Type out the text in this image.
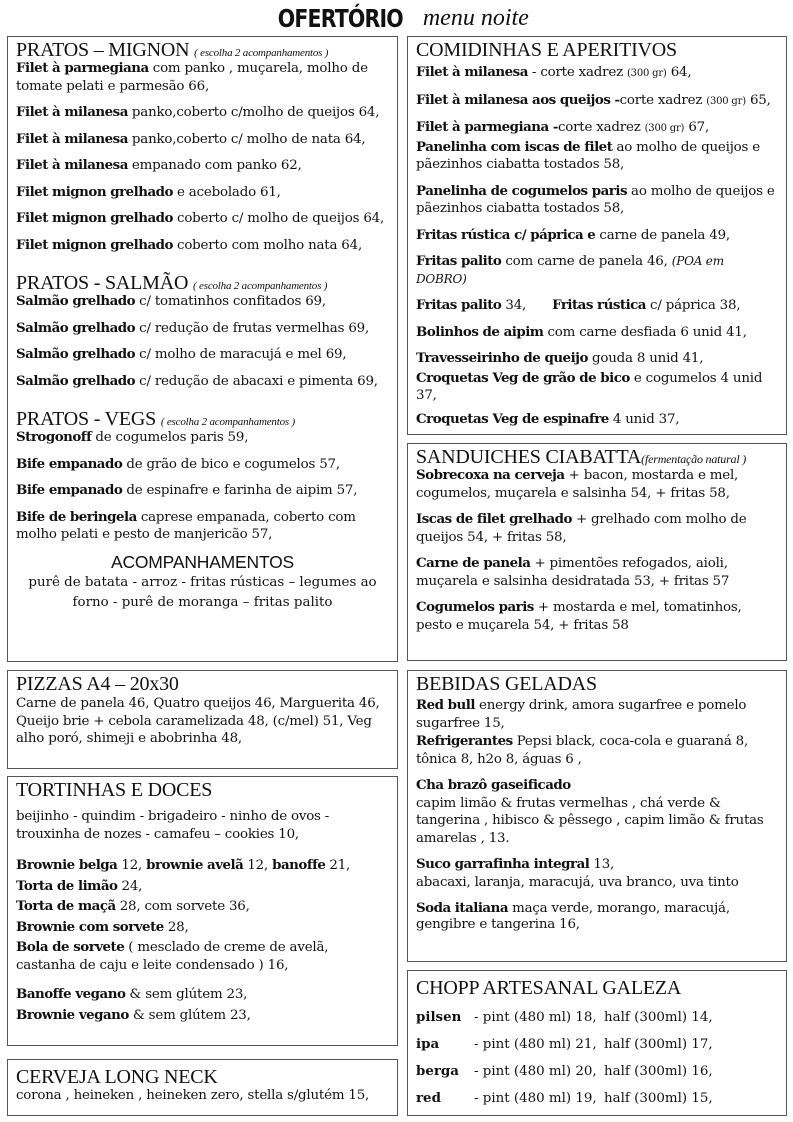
OFERTÓRIO menu noite
PRATOS – MIGNON ( escolha 2 acompanhamentos )
Filet à parmegiana com panko , muçarela, molho de tomate pelati e parmesão 66,
Filet à milanesa panko,coberto c/molho de queijos 64,
Filet à milanesa panko,coberto c/ molho de nata 64,
Filet à milanesa empanado com panko 62,
Filet mignon grelhado e acebolado 61,
Filet mignon grelhado coberto c/ molho de queijos 64,
Filet mignon grelhado coberto com molho nata 64,
PRATOS - SALMÃO ( escolha 2 acompanhamentos )
Salmão grelhado c/ tomatinhos confitados 69,
Salmão grelhado c/ redução de frutas vermelhas 69,
Salmão grelhado c/ molho de maracujá e mel 69,
Salmão grelhado c/ redução de abacaxi e pimenta 69,
PRATOS - VEGS ( escolha 2 acompanhamentos )
Strogonoff de cogumelos paris 59,
Bife empanado de grão de bico e cogumelos 57,
Bife empanado de espinafre e farinha de aipim 57,
Bife de beringela caprese empanada, coberto com molho pelati e pesto de manjericão 57,
ACOMPANHAMENTOS
purê de batata - arroz - fritas rústicas – legumes ao forno - purê de moranga – fritas palito
COMIDINHAS E APERITIVOS
Filet à milanesa - corte xadrez (300 gr) 64,
Filet à milanesa aos queijos -corte xadrez (300 gr) 65,
Filet à parmegiana -corte xadrez (300 gr) 67,
Panelinha com iscas de filet ao molho de queijos e pãezinhos ciabatta tostados 58,
Panelinha de cogumelos paris ao molho de queijos e pãezinhos ciabatta tostados 58,
Fritas rústica c/ páprica e carne de panela 49,
Fritas palito com carne de panela 46, (POA em DOBRO)
Fritas palito 34, Fritas rústica c/ páprica 38,
Bolinhos de aipim com carne desfiada 6 unid 41,
Travesseirinho de queijo gouda 8 unid 41,
Croquetas Veg de grão de bico e cogumelos 4 unid 37,
Croquetas Veg de espinafre 4 unid 37,
SANDUICHES CIABATTA(fermentação natural )
Sobrecoxa na cerveja + bacon, mostarda e mel, cogumelos, muçarela e salsinha 54, + fritas 58,
Iscas de filet grelhado + grelhado com molho de queijos 54, + fritas 58,
Carne de panela + pimentões refogados, aioli, muçarela e salsinha desidratada 53, + fritas 57
Cogumelos paris + mostarda e mel, tomatinhos, pesto e muçarela 54, + fritas 58
PIZZAS A4 – 20x30
Carne de panela 46, Quatro queijos 46, Marguerita 46, Queijo brie + cebola caramelizada 48, (c/mel) 51, Veg alho poró, shimeji e abobrinha 48,
TORTINHAS E DOCES
beijinho - quindim - brigadeiro - ninho de ovos - trouxinha de nozes - camafeu – cookies 10,
Brownie belga 12, brownie avelã 12, banoffe 21,
Torta de limão 24,
Torta de maçã 28, com sorvete 36,
Brownie com sorvete 28,
Bola de sorvete ( mesclado de creme de avelã, castanha de caju e leite condensado ) 16,
Banoffe vegano & sem glútem 23,
Brownie vegano & sem glútem 23,
CERVEJA LONG NECK
corona , heineken , heineken zero, stella s/glutém 15,
BEBIDAS GELADAS
Red bull energy drink, amora sugarfree e pomelo sugarfree 15,
Refrigerantes Pepsi black, coca-cola e guaraná 8, tônica 8, h2o 8, águas 6 ,
Cha brazô gaseificado
capim limão & frutas vermelhas , chá verde & tangerina , hibisco & pêssego , capim limão & frutas amarelas , 13.
Suco garrafinha integral 13,
abacaxi, laranja, maracujá, uva branco, uva tinto
Soda italiana maça verde, morango, maracujá, gengibre e tangerina 16,
CHOPP ARTESANAL GALEZA
pilsen - pint (480 ml) 18, half (300ml) 14,
ipa	- pint (480 ml) 21, half (300ml) 17,
berga	- pint (480 ml) 20, half (300ml) 16,
red	- pint (480 ml) 19, half (300ml) 15,
